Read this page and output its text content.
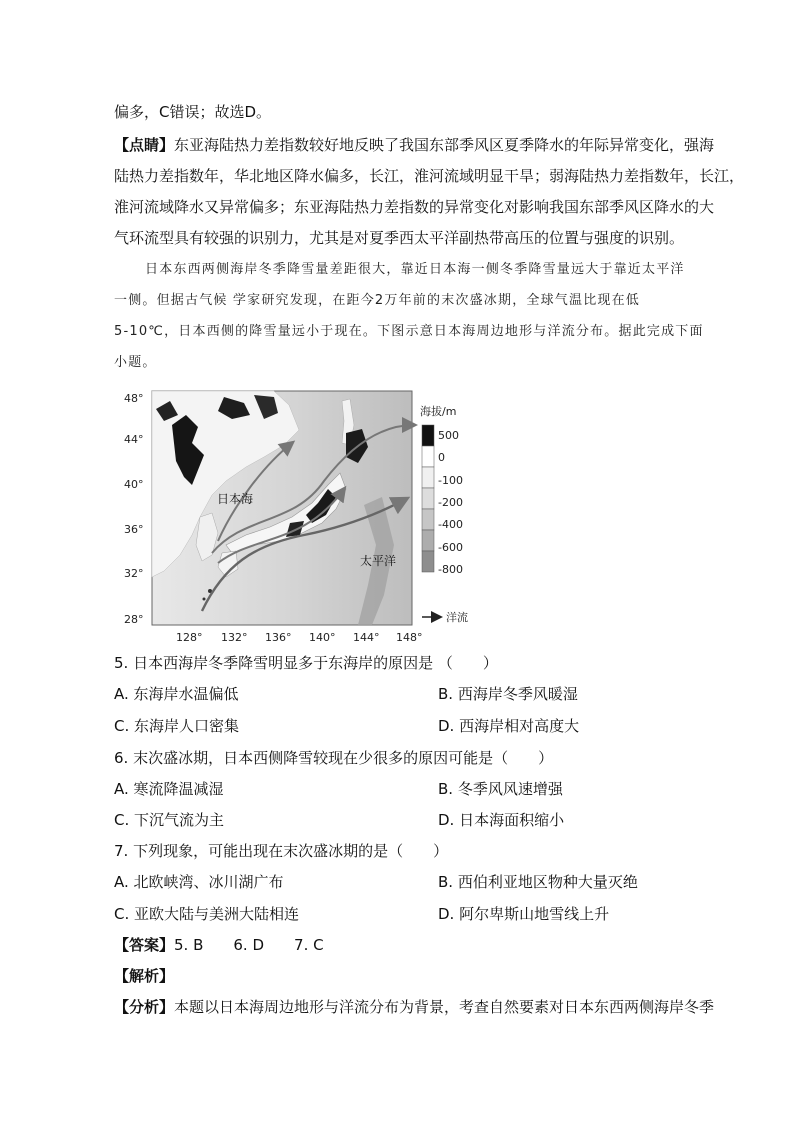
偏多，C错误；故选D。
【点睛】东亚海陆热力差指数较好地反映了我国东部季风区夏季降水的年际异常变化，强海
陆热力差指数年，华北地区降水偏多，长江，淮河流域明显干旱；弱海陆热力差指数年，长江，
淮河流域降水又异常偏多；东亚海陆热力差指数的异常变化对影响我国东部季风区降水的大
气环流型具有较强的识别力，尤其是对夏季西太平洋副热带高压的位置与强度的识别。
日本东西两侧海岸冬季降雪量差距很大，靠近日本海一侧冬季降雪量远大于靠近太平洋
一侧。但据古气候 学家研究发现，在距今2万年前的末次盛冰期，全球气温比现在低
5-10℃，日本西侧的降雪量远小于现在。下图示意日本海周边地形与洋流分布。据此完成下面
小题。
日本海
太平洋
48°
44°
40°
36°
32°
28°
128° 132° 136° 140° 144° 148°
海拔/m
500
0
-100
-200
-400
-600
-800
洋流
5. 日本西海岸冬季降雪明显多于东海岸的原因是 （　　）
A. 东海岸水温偏低	B. 西海岸冬季风暖湿
C. 东海岸人口密集	D. 西海岸相对高度大
6. 末次盛冰期，日本西侧降雪较现在少很多的原因可能是（　　）
A. 寒流降温减湿	B. 冬季风风速增强
C. 下沉气流为主	D. 日本海面积缩小
7. 下列现象，可能出现在末次盛冰期的是（　　）
A. 北欧峡湾、冰川湖广布	B. 西伯利亚地区物种大量灭绝
C. 亚欧大陆与美洲大陆相连	D. 阿尔卑斯山地雪线上升
【答案】5. B 6. D 7. C
【解析】
【分析】本题以日本海周边地形与洋流分布为背景，考查自然要素对日本东西两侧海岸冬季
